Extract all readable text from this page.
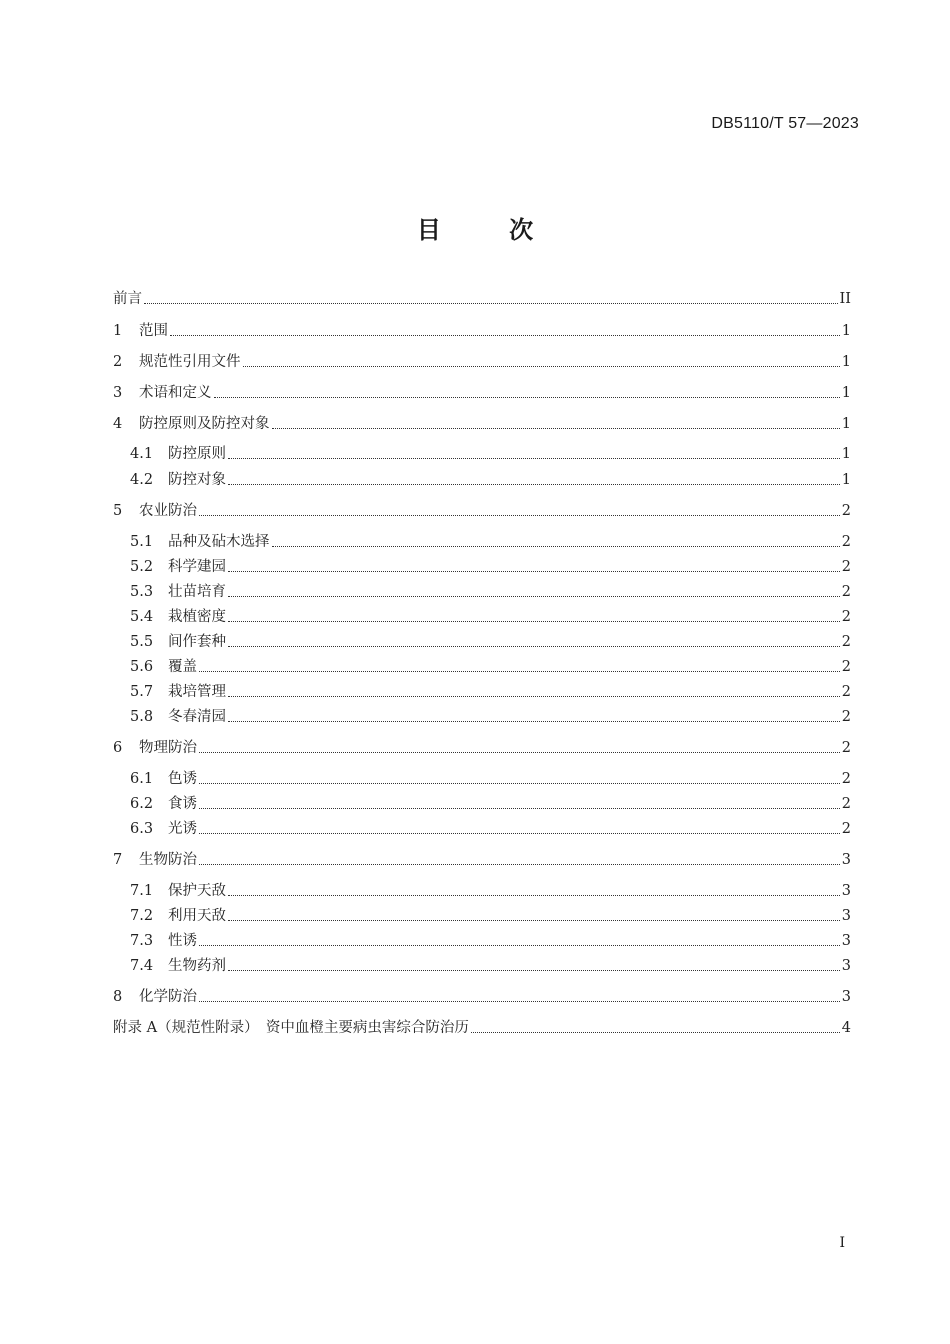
DB5110/T 57—2023
目 次
前言	II
1	范围	1
2	规范性引用文件	1
3	术语和定义	1
4	防控原则及防控对象	1
4.1	防控原则	1
4.2	防控对象	1
5	农业防治	2
5.1	品种及砧木选择	2
5.2	科学建园	2
5.3	壮苗培育	2
5.4	栽植密度	2
5.5	间作套种	2
5.6	覆盖	2
5.7	栽培管理	2
5.8	冬春清园	2
6	物理防治	2
6.1	色诱	2
6.2	食诱	2
6.3	光诱	2
7	生物防治	3
7.1	保护天敌	3
7.2	利用天敌	3
7.3	性诱	3
7.4	生物药剂	3
8	化学防治	3
附录 A（规范性附录）　资中血橙主要病虫害综合防治历	4
I
